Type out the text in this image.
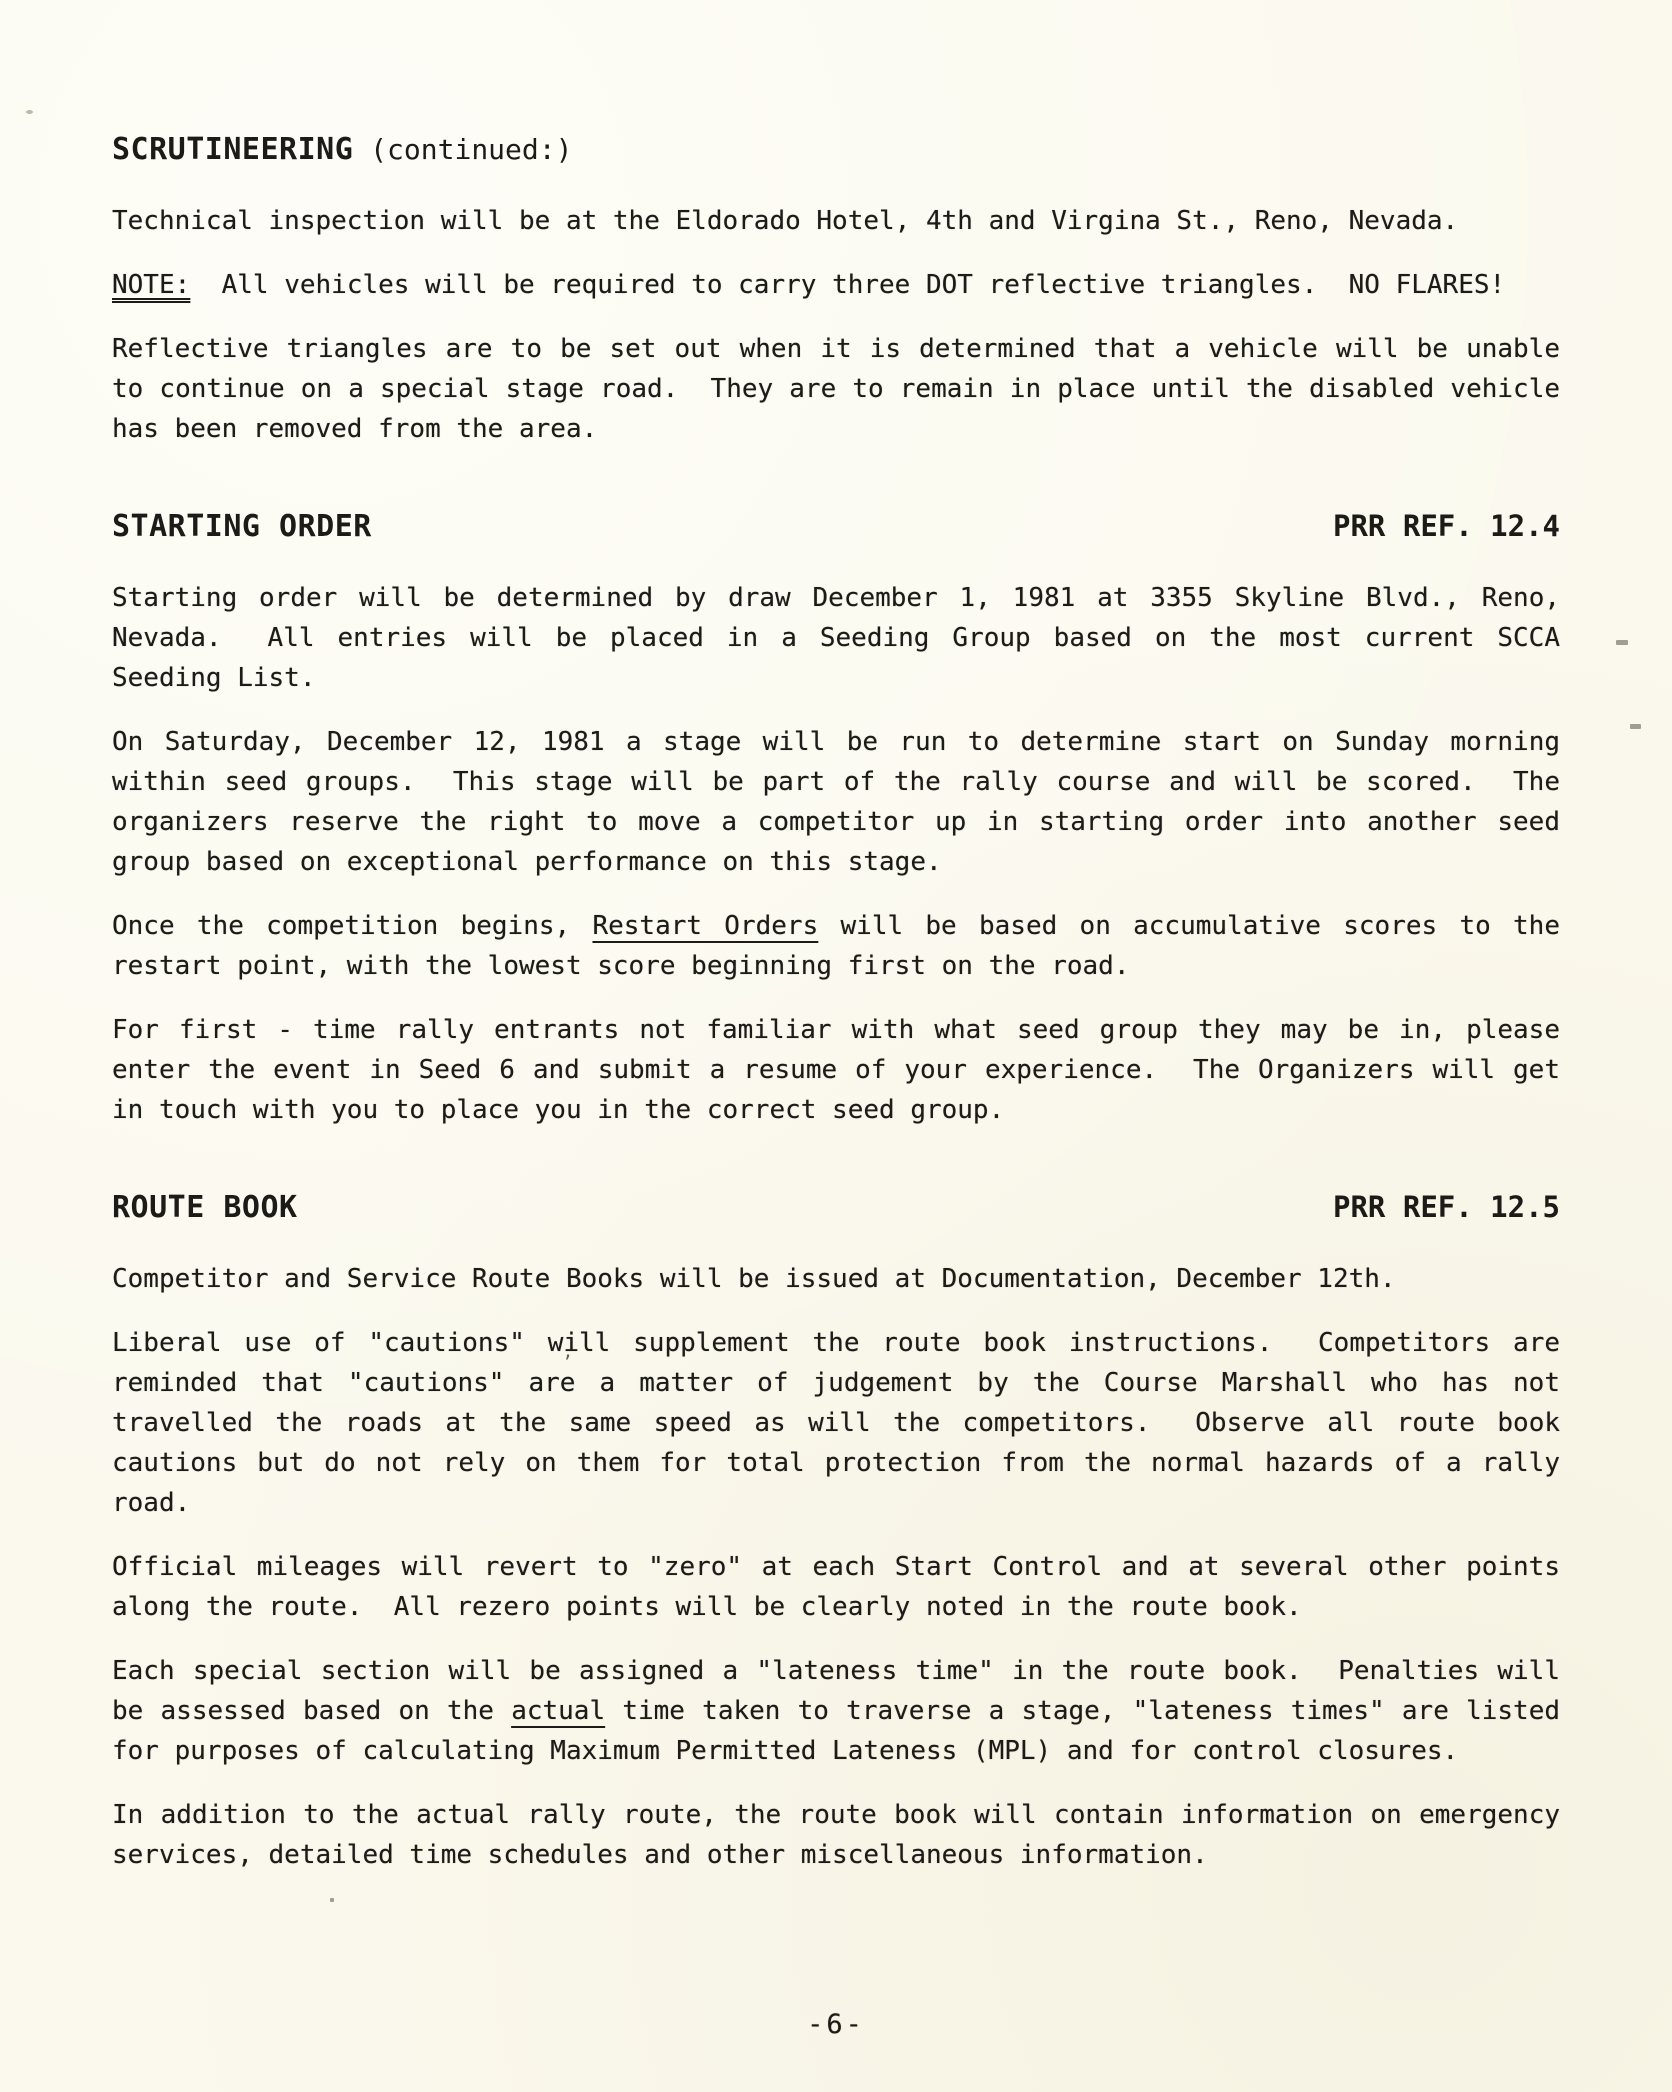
SCRUTINEERING (continued:)

Technical inspection will be at the Eldorado Hotel, 4th and Virgina St., Reno, Nevada.

NOTE:  All vehicles will be required to carry three DOT reflective triangles.  NO FLARES!

Reflective triangles are to be set out when it is determined that a vehicle will be unable to continue on a special stage road.  They are to remain in place until the disabled vehicle has been removed from the area.

STARTING ORDER	PRR REF. 12.4

Starting order will be determined by draw December 1, 1981 at 3355 Skyline Blvd., Reno, Nevada.  All entries will be placed in a Seeding Group based on the most current SCCA Seeding List.

On Saturday, December 12, 1981 a stage will be run to determine start on Sunday morning within seed groups.  This stage will be part of the rally course and will be scored.  The organizers reserve the right to move a competitor up in starting order into another seed group based on exceptional performance on this stage.

Once the competition begins, Restart Orders will be based on accumulative scores to the restart point, with the lowest score beginning first on the road.

For first - time rally entrants not familiar with what seed group they may be in, please enter the event in Seed 6 and submit a resume of your experience.  The Organizers will get in touch with you to place you in the correct seed group.

ROUTE BOOK	PRR REF. 12.5

Competitor and Service Route Books will be issued at Documentation, December 12th.

Liberal use of "cautions" will supplement the route book instructions.  Competitors are reminded that "cautions" are a matter of judgement by the Course Marshall who has not travelled the roads at the same speed as will the competitors.  Observe all route book cautions but do not rely on them for total protection from the normal hazards of a rally road.

Official mileages will revert to "zero" at each Start Control and at several other points along the route.  All rezero points will be clearly noted in the route book.

Each special section will be assigned a "lateness time" in the route book.  Penalties will be assessed based on the actual time taken to traverse a stage, "lateness times" are listed for purposes of calculating Maximum Permitted Lateness (MPL) and for control closures.

In addition to the actual rally route, the route book will contain information on emergency services, detailed time schedules and other miscellaneous information.

-6-
’
